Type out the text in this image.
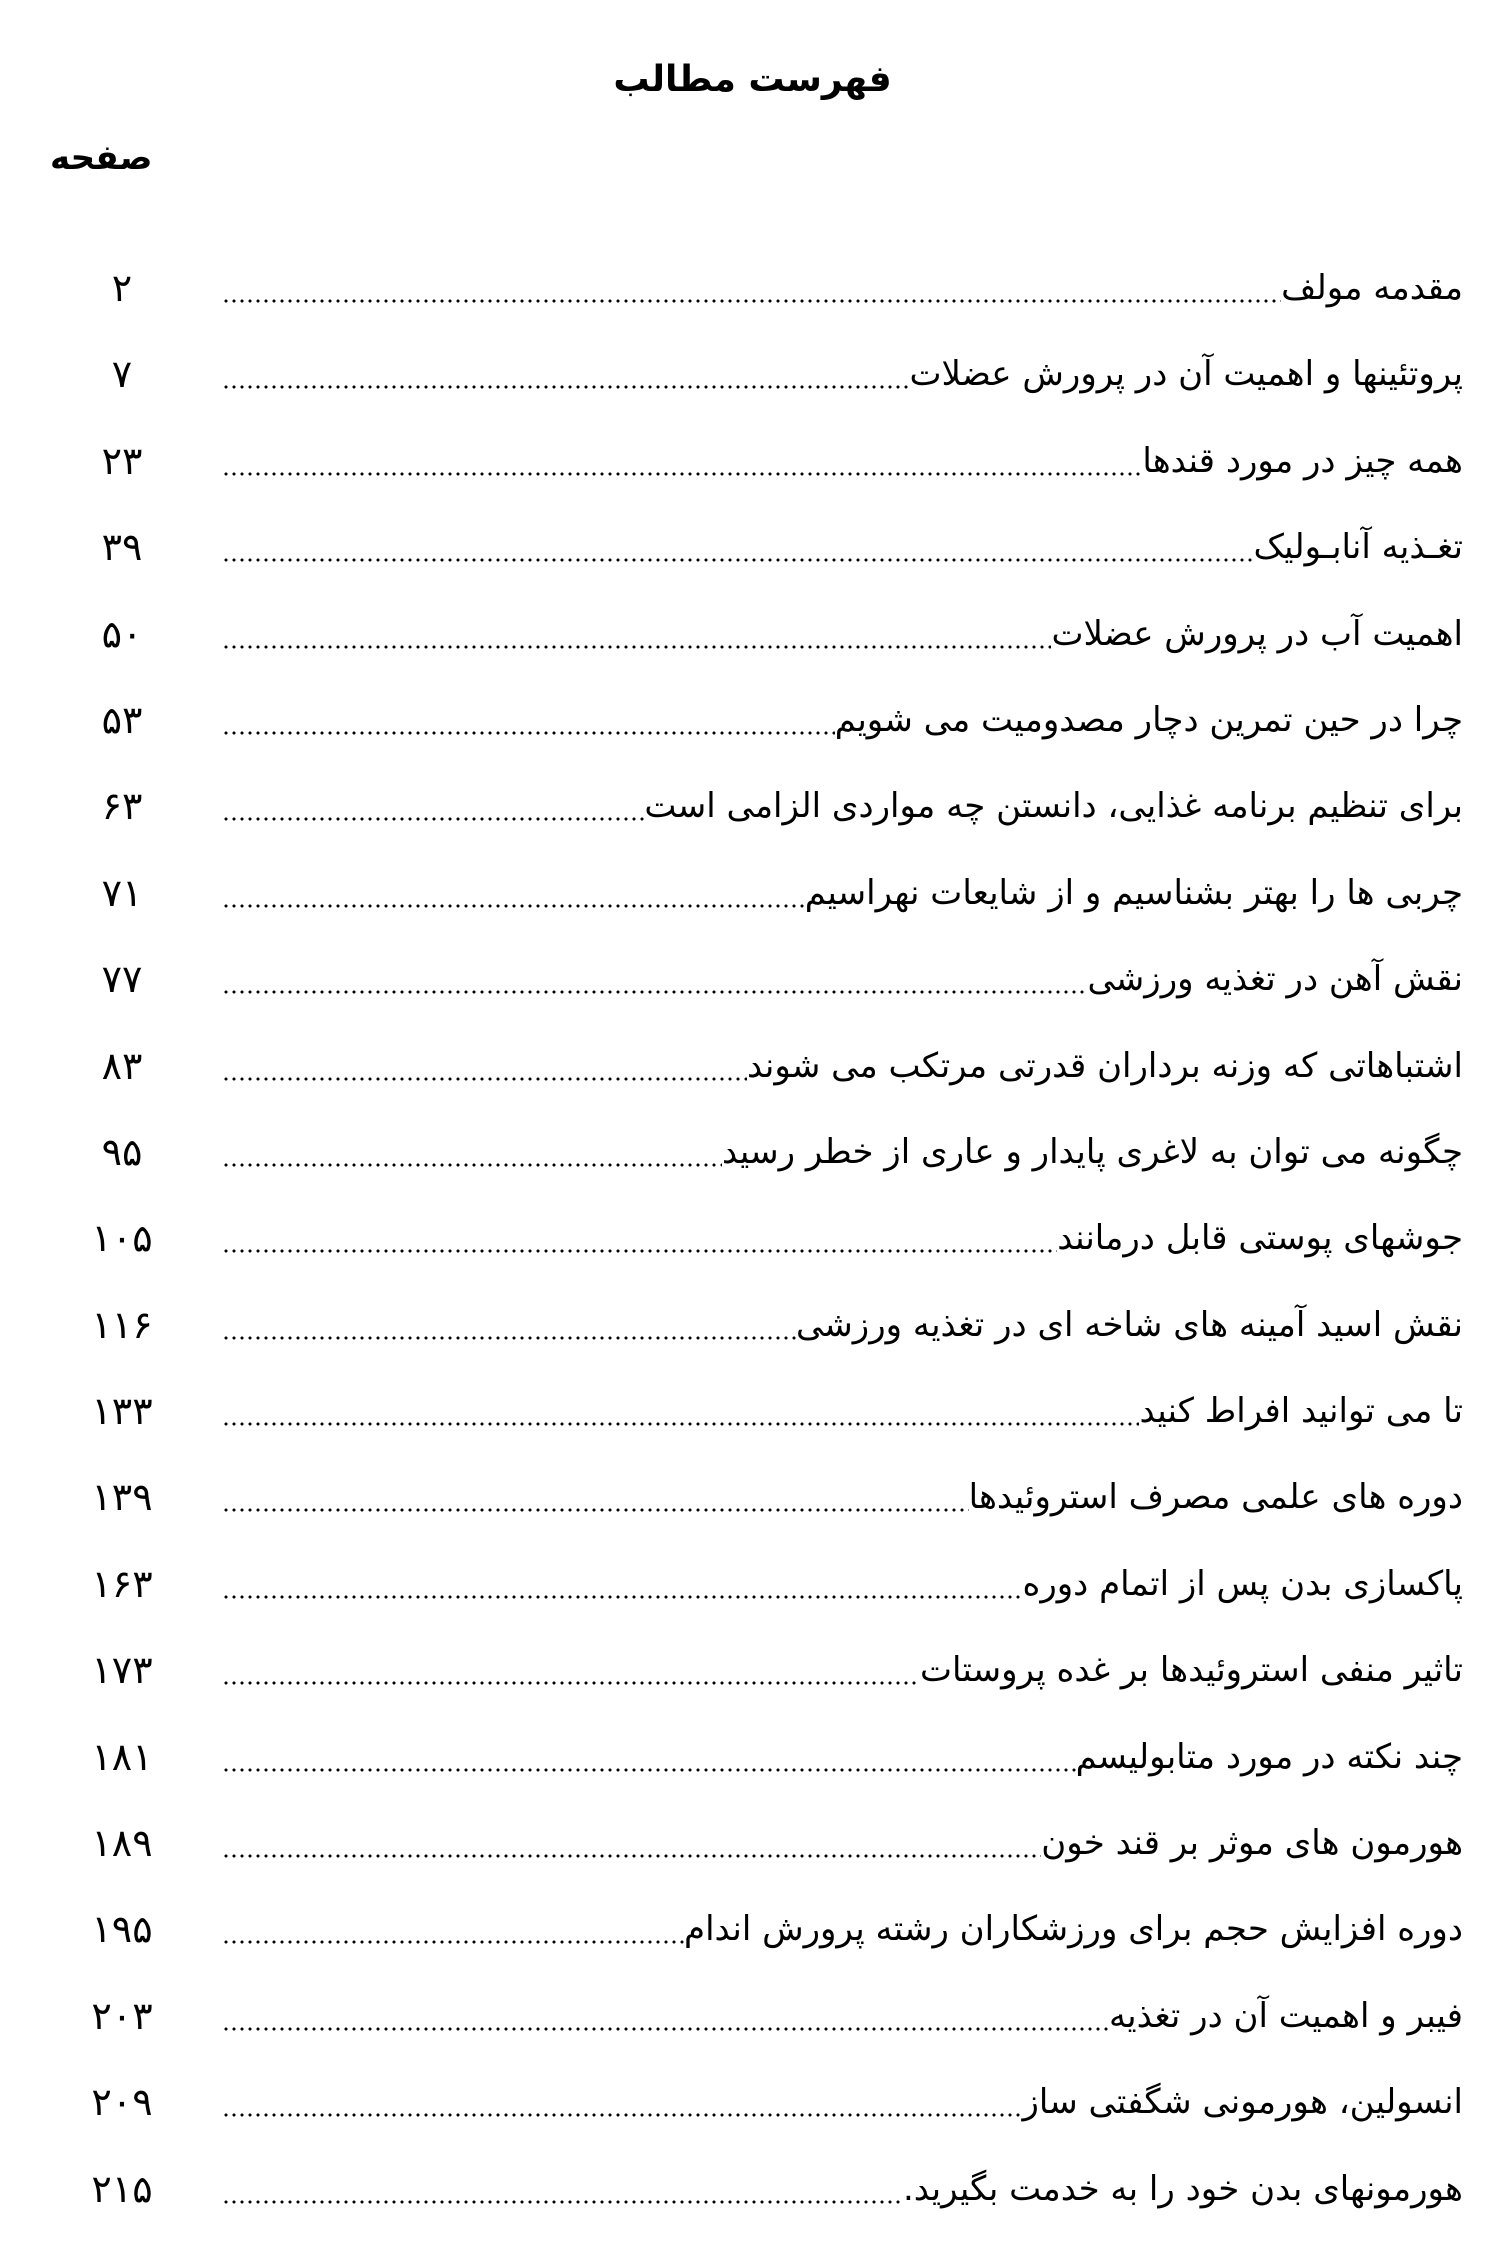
فهرست مطالب
صفحه
مقدمه مولف
۲
پروتئینها و اهمیت آن در پرورش عضلات
۷
همه چیز در مورد قندها
۲۳
تغـذیه آنابـولیک
۳۹
اهمیت آب در پرورش عضلات
۵۰
چرا در حین تمرین دچار مصدومیت می شویم
۵۳
برای تنظیم برنامه غذایی، دانستن چه مواردی الزامی است
۶۳
چربی ها را بهتر بشناسیم و از شایعات نهراسیم
۷۱
نقش آهن در تغذیه ورزشی
۷۷
اشتباهاتی که وزنه برداران قدرتی مرتکب می شوند
۸۳
چگونه می توان به لاغری پایدار و عاری از خطر رسید
۹۵
جوشهای پوستی قابل درمانند
۱۰۵
نقش اسید آمینه های شاخه ای در تغذیه ورزشی
۱۱۶
تا می توانید افراط کنید
۱۳۳
دوره های علمی مصرف استروئیدها
۱۳۹
پاکسازی بدن پس از اتمام دوره
۱۶۳
تاثیر منفی استروئیدها بر غده پروستات
۱۷۳
چند نکته در مورد متابولیسم
۱۸۱
هورمون های موثر بر قند خون
۱۸۹
دوره افزایش حجم برای ورزشکاران رشته پرورش اندام
۱۹۵
فیبر و اهمیت آن در تغذیه
۲۰۳
انسولین، هورمونی شگفتی ساز
۲۰۹
هورمونهای بدن خود را به خدمت بگیرید.
۲۱۵
